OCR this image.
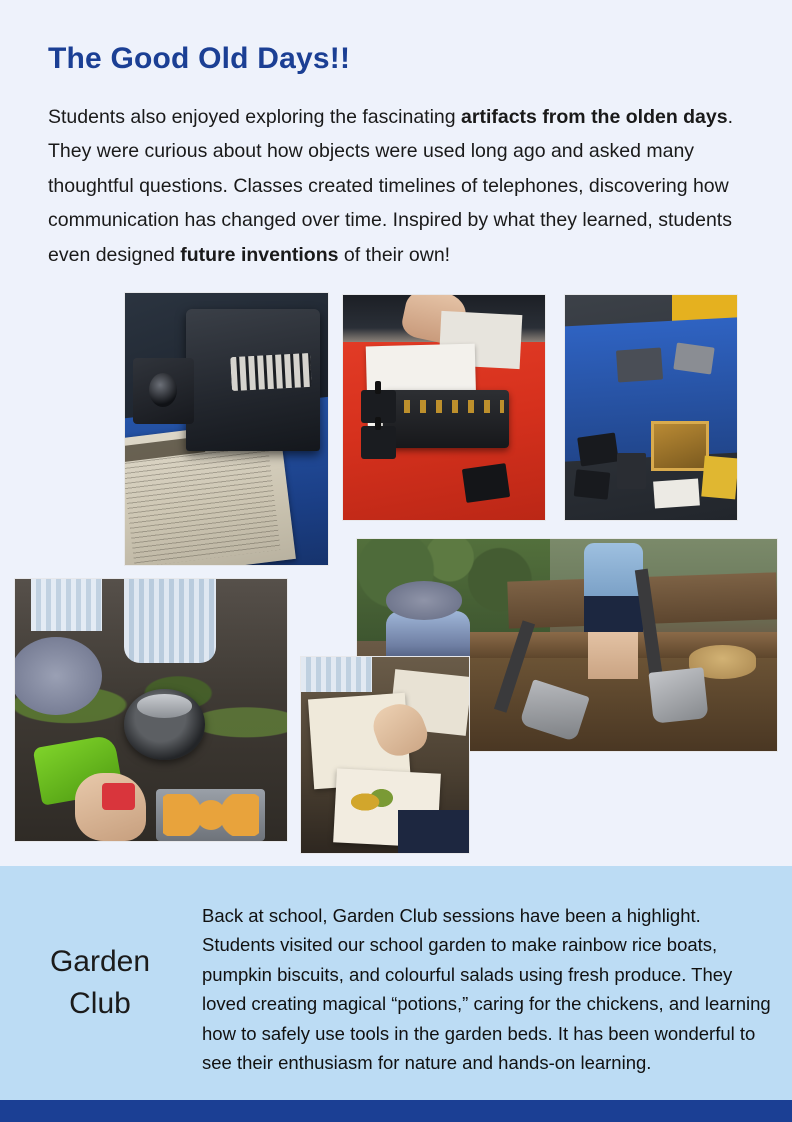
The Good Old Days!!

Students also enjoyed exploring the fascinating artifacts from the olden days. They were curious about how objects were used long ago and asked many thoughtful questions. Classes created timelines of telephones, discovering how communication has changed over time. Inspired by what they learned, students even designed future inventions of their own!

Garden
Club

Back at school, Garden Club sessions have been a highlight. Students visited our school garden to make rainbow rice boats, pumpkin biscuits, and colourful salads using fresh produce. They loved creating magical “potions,” caring for the chickens, and learning how to safely use tools in the garden beds. It has been wonderful to see their enthusiasm for nature and hands-on learning.
